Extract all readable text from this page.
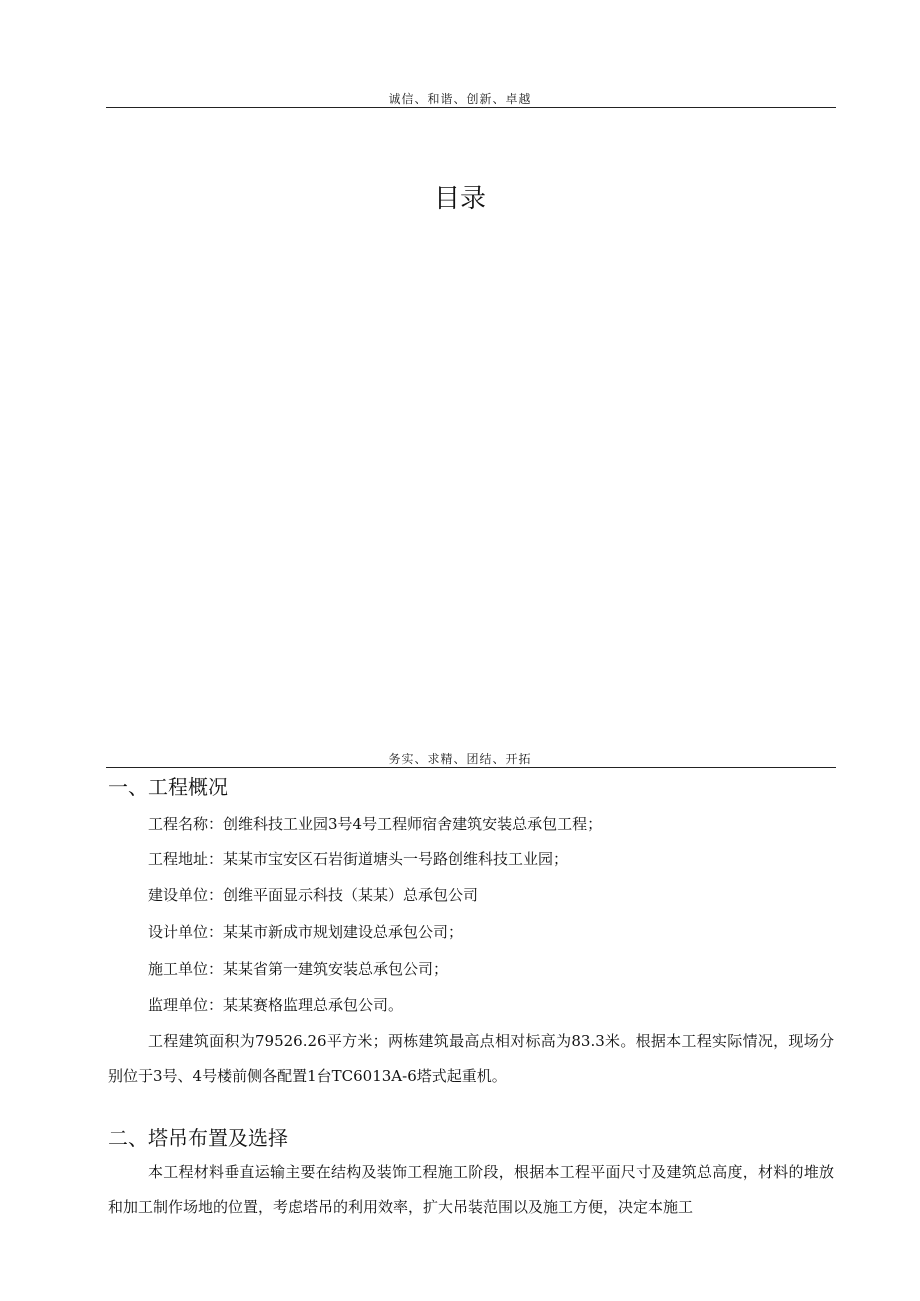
诚信、和谐、创新、卓越
目录
务实、求精、团结、开拓
一、工程概况
工程名称：创维科技工业园3号4号工程师宿舍建筑安装总承包工程；
工程地址：某某市宝安区石岩街道塘头一号路创维科技工业园；
建设单位：创维平面显示科技（某某）总承包公司
设计单位：某某市新成市规划建设总承包公司；
施工单位：某某省第一建筑安装总承包公司；
监理单位：某某赛格监理总承包公司。
工程建筑面积为79526.26平方米；两栋建筑最高点相对标高为83.3米。根据本工程实际情况，现场分别位于3号、4号楼前侧各配置1台TC6013A-6塔式起重机。
二、塔吊布置及选择
本工程材料垂直运输主要在结构及装饰工程施工阶段，根据本工程平面尺寸及建筑总高度，材料的堆放和加工制作场地的位置，考虑塔吊的利用效率，扩大吊装范围以及施工方便，决定本施工
